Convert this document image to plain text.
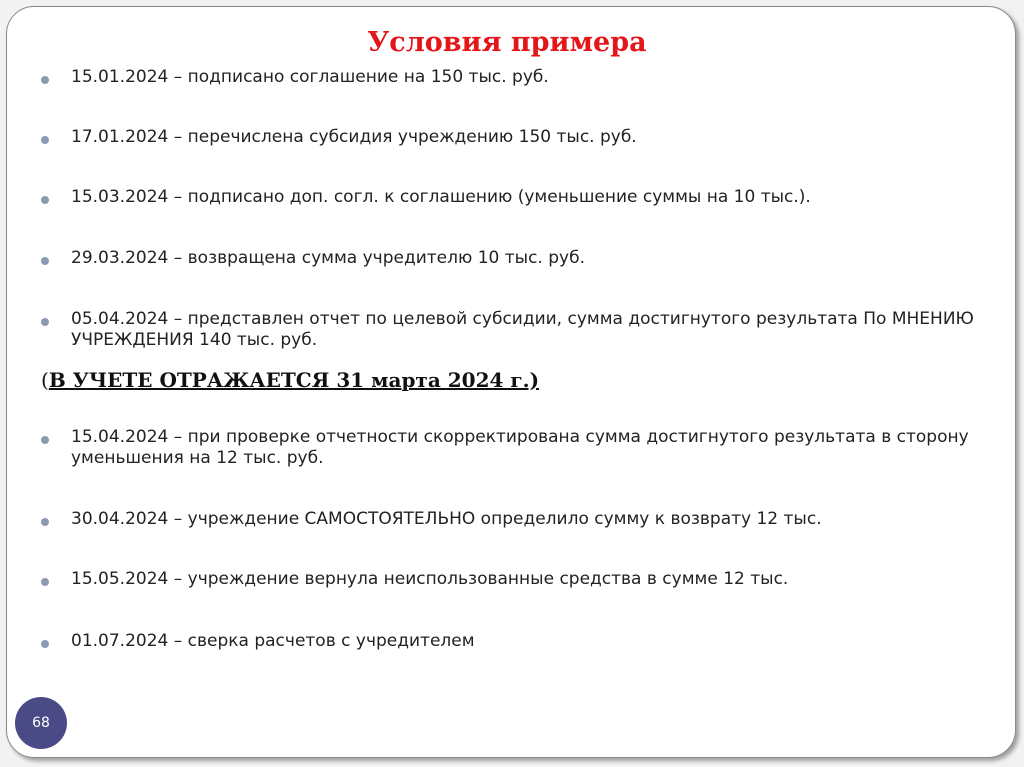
Условия примера
15.01.2024 – подписано соглашение на 150 тыс. руб.
17.01.2024 – перечислена субсидия учреждению 150 тыс. руб.
15.03.2024 – подписано доп. согл. к соглашению (уменьшение суммы на 10 тыс.).
29.03.2024 – возвращена сумма учредителю 10 тыс. руб.
05.04.2024 – представлен отчет по целевой субсидии, сумма достигнутого результата По МНЕНИЮ УЧРЕЖДЕНИЯ 140 тыс. руб.
(В УЧЕТЕ ОТРАЖАЕТСЯ 31 марта 2024 г.)
15.04.2024 – при проверке отчетности скорректирована сумма достигнутого результата в сторону уменьшения на 12 тыс. руб.
30.04.2024 – учреждение САМОСТОЯТЕЛЬНО определило сумму к возврату 12 тыс.
15.05.2024 – учреждение вернула неиспользованные средства в сумме 12 тыс.
01.07.2024 – сверка расчетов с учредителем
68
